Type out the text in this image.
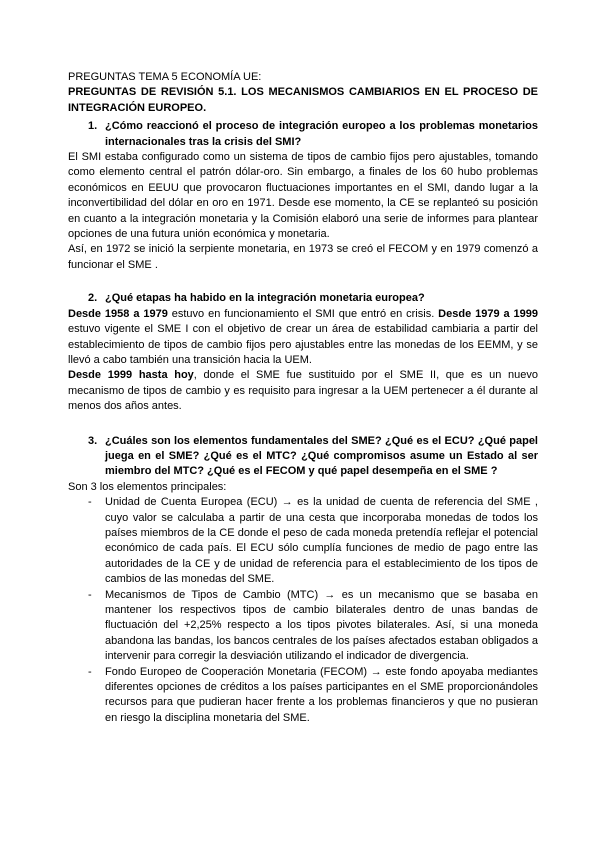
PREGUNTAS TEMA 5 ECONOMÍA UE:
PREGUNTAS DE REVISIÓN 5.1. LOS MECANISMOS CAMBIARIOS EN EL PROCESO DE INTEGRACIÓN EUROPEO.
1. ¿Cómo reaccionó el proceso de integración europeo a los problemas monetarios internacionales tras la crisis del SMI?
El SMI estaba configurado como un sistema de tipos de cambio fijos pero ajustables, tomando como elemento central el patrón dólar-oro. Sin embargo, a finales de los 60 hubo problemas económicos en EEUU que provocaron fluctuaciones importantes en el SMI, dando lugar a la inconvertibilidad del dólar en oro en 1971. Desde ese momento, la CE se replanteó su posición en cuanto a la integración monetaria y la Comisión elaboró una serie de informes para plantear opciones de una futura unión económica y monetaria.
Así, en 1972 se inició la serpiente monetaria, en 1973 se creó el FECOM y en 1979 comenzó a funcionar el SME .
2. ¿Qué etapas ha habido en la integración monetaria europea?
Desde 1958 a 1979 estuvo en funcionamiento el SMI que entró en crisis. Desde 1979 a 1999 estuvo vigente el SME I con el objetivo de crear un área de estabilidad cambiaria a partir del establecimiento de tipos de cambio fijos pero ajustables entre las monedas de los EEMM, y se llevó a cabo también una transición hacia la UEM.
Desde 1999 hasta hoy, donde el SME fue sustituido por el SME II, que es un nuevo mecanismo de tipos de cambio y es requisito para ingresar a la UEM pertenecer a él durante al menos dos años antes.
3. ¿Cuáles son los elementos fundamentales del SME? ¿Qué es el ECU? ¿Qué papel juega en el SME? ¿Qué es el MTC? ¿Qué compromisos asume un Estado al ser miembro del MTC? ¿Qué es el FECOM y qué papel desempeña en el SME ?
Son 3 los elementos principales:
- Unidad de Cuenta Europea (ECU) → es la unidad de cuenta de referencia del SME , cuyo valor se calculaba a partir de una cesta que incorporaba monedas de todos los países miembros de la CE donde el peso de cada moneda pretendía reflejar el potencial económico de cada país. El ECU sólo cumplía funciones de medio de pago entre las autoridades de la CE y de unidad de referencia para el establecimiento de los tipos de cambios de las monedas del SME.
- Mecanismos de Tipos de Cambio (MTC) → es un mecanismo que se basaba en mantener los respectivos tipos de cambio bilaterales dentro de unas bandas de fluctuación del +2,25% respecto a los tipos pivotes bilaterales. Así, si una moneda abandona las bandas, los bancos centrales de los países afectados estaban obligados a intervenir para corregir la desviación utilizando el indicador de divergencia.
- Fondo Europeo de Cooperación Monetaria (FECOM) → este fondo apoyaba mediantes diferentes opciones de créditos a los países participantes en el SME proporcionándoles recursos para que pudieran hacer frente a los problemas financieros y que no pusieran en riesgo la disciplina monetaria del SME.
